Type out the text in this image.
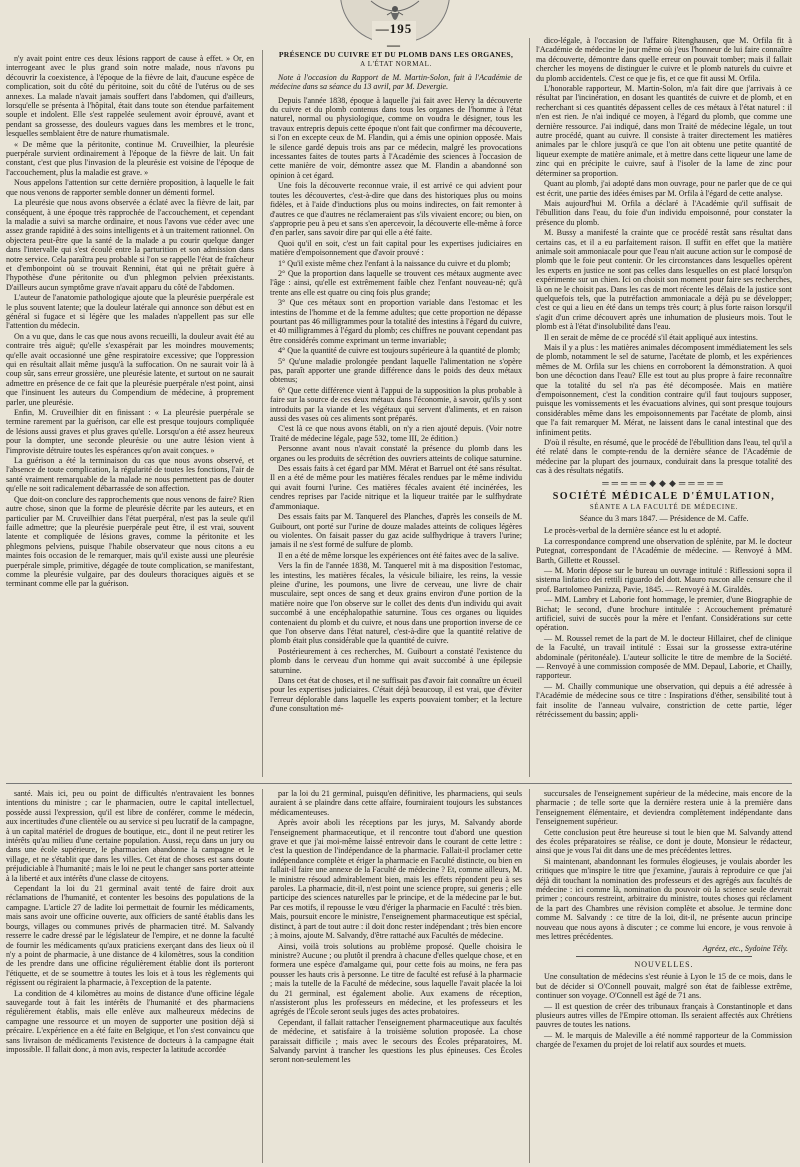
—195—

n'y avait point entre ces deux lésions rapport de cause à effet. » Or, en interrogeant avec le plus grand soin notre malade, nous n'avons pu découvrir la coexistence, à l'époque de la fièvre de lait, d'aucune espèce de complication, soit du côté du péritoine, soit du côté de l'utérus ou de ses annexes. La malade n'avait jamais souffert dans l'abdomen, qui d'ailleurs, lorsqu'elle se présenta à l'hôpital, était dans toute son étendue parfaitement souple et indolent. Elle s'est rappelée seulement avoir éprouvé, avant et pendant sa grossesse, des douleurs vagues dans les membres et le tronc, lesquelles semblaient être de nature rhumatismale.

« De même que la péritonite, continue M. Cruveilhier, la pleurésie puerpérale survient ordinairement à l'époque de la fièvre de lait. Un fait constant, c'est que plus l'invasion de la pleurésie est voisine de l'époque de l'accouchement, plus la maladie est grave. »

Nous appelons l'attention sur cette dernière proposition, à laquelle le fait que nous venons de rapporter semble donner un démenti formel.

La pleurésie que nous avons observée a éclaté avec la fièvre de lait, par conséquent, à une époque très rapprochée de l'accouchement, et cependant la maladie a suivi sa marche ordinaire, et nous l'avons vue céder avec une assez grande rapidité à des soins intelligents et à un traitement rationnel. On objectera peut-être que la santé de la malade a pu courir quelque danger dans l'intervalle qui s'est écoulé entre la parturition et son admission dans notre service. Cela paraîtra peu probable si l'on se rappelle l'état de fraîcheur et d'embonpoint où se trouvait Rennini, état qui ne prêtait guère à l'hypothèse d'une péritonite ou d'un phlegmon pelvien préexistants. D'ailleurs aucun symptôme grave n'avait apparu du côté de l'abdomen.

L'auteur de l'anatomie pathologique ajoute que la pleurésie puerpérale est le plus souvent latente; que la douleur latérale qui annonce son début est en général si fugace et si légère que les malades n'appellent pas sur elle l'attention du médecin.

On a vu que, dans le cas que nous avons recueilli, la douleur avait été au contraire très aiguë; qu'elle s'exaspérait par les moindres mouvements; qu'elle avait occasionné une gêne respiratoire excessive; que l'oppression qui en résultait allait même jusqu'à la suffocation. On ne saurait voir là à coup sûr, sans erreur grossière, une pleurésie latente, et surtout on ne saurait admettre en présence de ce fait que la pleurésie puerpérale n'est point, ainsi que l'insinuent les auteurs du Compendium de médecine, à proprement parler, une pleurésie.

Enfin, M. Cruveilhier dit en finissant : « La pleurésie puerpérale se termine rarement par la guérison, car elle est presque toujours compliquée de lésions aussi graves et plus graves qu'elle. Lorsqu'on a été assez heureux pour la dompter, une seconde pleurésie ou une autre lésion vient à l'improviste détruire toutes les espérances qu'on avait conçues. »

La guérison a été la terminaison du cas que nous avons observé, et l'absence de toute complication, la régularité de toutes les fonctions, l'air de santé vraiment remarquable de la malade ne nous permettent pas de douter qu'elle ne soit radicalement débarrassée de son affection.

Que doit-on conclure des rapprochements que nous venons de faire? Rien autre chose, sinon que la forme de pleurésie décrite par les auteurs, et en particulier par M. Cruveilhier dans l'état puerpéral, n'est pas la seule qu'il faille admettre; que la pleurésie puerpérale peut être, il est vrai, souvent latente et compliquée de lésions graves, comme la péritonite et les phlegmons pelviens, puisque l'habile observateur que nous citons a eu maintes fois occasion de le remarquer, mais qu'il existe aussi une pleurésie puerpérale simple, primitive, dégagée de toute complication, se manifestant, comme la pleurésie vulgaire, par des douleurs thoraciques aiguës et se terminant comme elle par la guérison.

PRÉSENCE DU CUIVRE ET DU PLOMB DANS LES ORGANES,

A L'ÉTAT NORMAL.

Note à l'occasion du Rapport de M. Martin-Solon, fait à l'Académie de médecine dans sa séance du 13 avril, par M. Devergie.

Depuis l'année 1838, époque à laquelle j'ai fait avec Hervy la découverte du cuivre et du plomb contenus dans tous les organes de l'homme à l'état naturel, normal ou physiologique, comme on voudra le désigner, tous les travaux entrepris depuis cette époque n'ont fait que confirmer ma découverte, si l'on en excepte ceux de M. Flandin, qui a émis une opinion opposée. Mais le silence gardé depuis trois ans par ce médecin, malgré les provocations incessantes faites de toutes parts à l'Académie des sciences à l'occasion de cette manière de voir, démontre assez que M. Flandin a abandonné son opinion à cet égard.

Une fois la découverte reconnue vraie, il est arrivé ce qui advient pour toutes les découvertes, c'est-à-dire que dans des historiques plus ou moins fidèles, et à l'aide d'inductions plus ou moins indirectes, on fait remonter à d'autres ce que d'autres ne réclameraient pas s'ils vivaient encore; ou bien, on s'approprie peu à peu et sans s'en apercevoir, la découverte elle-même à force d'en parler, sans savoir dire par qui elle a été faite.

Quoi qu'il en soit, c'est un fait capital pour les expertises judiciaires en matière d'empoisonnement que d'avoir prouvé :

1° Qu'il existe même chez l'enfant à la naissance du cuivre et du plomb;

2° Que la proportion dans laquelle se trouvent ces métaux augmente avec l'âge : ainsi, qu'elle est extrêmement faible chez l'enfant nouveau-né; qu'à trente ans elle est quatre ou cinq fois plus grande;

3° Que ces métaux sont en proportion variable dans l'estomac et les intestins de l'homme et de la femme adultes; que cette proportion ne dépasse pourtant pas 46 milligrammes pour la totalité des intestins à l'égard du cuivre, et 40 milligrammes à l'égard du plomb; ces chiffres ne pouvant cependant pas être considérés comme exprimant un terme invariable;

4° Que la quantité de cuivre est toujours supérieure à la quantité de plomb;

5° Qu'une maladie prolongée pendant laquelle l'alimentation ne s'opère pas, paraît apporter une grande différence dans le poids des deux métaux obtenus;

6° Que cette différence vient à l'appui de la supposition la plus probable à faire sur la source de ces deux métaux dans l'économie, à savoir, qu'ils y sont introduits par la viande et les végétaux qui servent d'aliments, et en raison aussi des vases où ces aliments sont préparés.

C'est là ce que nous avons établi, on n'y a rien ajouté depuis. (Voir notre Traité de médecine légale, page 532, tome III, 2e édition.)

Personne avant nous n'avait constaté la présence du plomb dans les organes ou les produits de sécrétion des ouvriers atteints de colique saturnine.

Des essais faits à cet égard par MM. Mérat et Barruel ont été sans résultat. Il en a été de même pour les matières fécales rendues par le même individu qui avait fourni l'urine. Ces matières fécales avaient été incinérées, les cendres reprises par l'acide nitrique et la liqueur traitée par le sulfhydrate d'ammoniaque.

Des essais faits par M. Tanquerel des Planches, d'après les conseils de M. Guibourt, ont porté sur l'urine de douze malades atteints de coliques légères ou violentes. On faisait passer du gaz acide sulfhydrique à travers l'urine; jamais il ne s'est formé de sulfure de plomb.

Il en a été de même lorsque les expériences ont été faites avec de la salive.

Vers la fin de l'année 1838, M. Tanquerel mit à ma disposition l'estomac, les intestins, les matières fécales, la vésicule biliaire, les reins, la vessie pleine d'urine, les poumons, une livre de cerveau, une livre de chair musculaire, sept onces de sang et deux grains environ d'une portion de la matière noire que l'on observe sur le collet des dents d'un individu qui avait succombé à une encéphalopathie saturnine. Tous ces organes ou liquides contenaient du plomb et du cuivre, et nous dans une proportion inverse de ce que l'on observe dans l'état naturel, c'est-à-dire que la quantité relative de plomb était plus considérable que la quantité de cuivre.

Postérieurement à ces recherches, M. Guibourt a constaté l'existence du plomb dans le cerveau d'un homme qui avait succombé à une épilepsie saturnine.

Dans cet état de choses, et il ne suffisait pas d'avoir fait connaître un écueil pour les expertises judiciaires. C'était déjà beaucoup, il est vrai, que d'éviter l'erreur déplorable dans laquelle les experts pouvaient tomber; et la lecture d'une consultation mé-

dico-légale, à l'occasion de l'affaire Ritenghausen, que M. Orfila fit à l'Académie de médecine le jour même où j'eus l'honneur de lui faire connaître ma découverte, démontre dans quelle erreur on pouvait tomber; mais il fallait chercher les moyens de distinguer le cuivre et le plomb naturels du cuivre et du plomb accidentels. C'est ce que je fis, et ce que fit aussi M. Orfila.

L'honorable rapporteur, M. Martin-Solon, m'a fait dire que j'arrivais à ce résultat par l'incinération, en dosant les quantités de cuivre et de plomb, et en recherchant si ces quantités dépassent celles de ces métaux à l'état naturel : il n'en est rien. Je n'ai indiqué ce moyen, à l'égard du plomb, que comme une dernière ressource. J'ai indiqué, dans mon Traité de médecine légale, un tout autre procédé, quant au cuivre. Il consiste à traiter directement les matières animales par le chlore jusqu'à ce que l'on ait obtenu une petite quantité de liqueur exempte de matière animale, et à mettre dans cette liqueur une lame de zinc qui en précipite le cuivre, sauf à l'isoler de la lame de zinc pour déterminer sa proportion.

Quant au plomb, j'ai adopté dans mon ouvrage, pour ne parler que de ce qui est écrit, une partie des idées émises par M. Orfila à l'égard de cette analyse.

Mais aujourd'hui M. Orfila a déclaré à l'Académie qu'il suffisait de l'ébullition dans l'eau, du foie d'un individu empoisonné, pour constater la présence du plomb.

M. Bussy a manifesté la crainte que ce procédé restât sans résultat dans certains cas, et il a eu parfaitement raison. Il suffit en effet que la matière animale soit ammoniacale pour que l'eau n'ait aucune action sur le composé de plomb que le foie peut contenir. Or les circonstances dans lesquelles opèrent les experts en justice ne sont pas celles dans lesquelles on est placé lorsqu'on expérimente sur un chien. Ici on choisit son moment pour faire ses recherches, là on ne le choisit pas. Dans les cas de mort récente les délais de la justice sont quelquefois tels, que la putréfaction ammoniacale a déjà pu se développer; c'est ce qui a lieu en été dans un temps très court; à plus forte raison lorsqu'il s'agit d'un crime découvert après une inhumation de plusieurs mois. Tout le plomb est à l'état d'insolubilité dans l'eau.

Il en serait de même de ce procédé s'il était appliqué aux intestins.

Mais il y a plus : les matières animales décomposent immédiatement les sels de plomb, notamment le sel de saturne, l'acétate de plomb, et les expériences mêmes de M. Orfila sur les chiens en corroborent la démonstration. A quoi bon une décoction dans l'eau? Elle est tout au plus propre à faire reconnaître que la totalité du sel n'a pas été décomposée. Mais en matière d'empoisonnement, c'est la condition contraire qu'il faut toujours supposer, puisque les vomissements et les évacuations alvines, qui sont presque toujours considérables même dans les empoisonnements par l'acétate de plomb, ainsi que l'a fait remarquer M. Mérat, ne laissent dans le canal intestinal que des infiniment petits.

D'où il résulte, en résumé, que le procédé de l'ébullition dans l'eau, tel qu'il a été relaté dans le compte-rendu de la dernière séance de l'Académie de médecine par la plupart des journaux, conduirait dans la presque totalité des cas à des résultats négatifs.

═════◆◆◆═════

SOCIÉTÉ MÉDICALE D'ÉMULATION,

SÉANTE A LA FACULTÉ DE MÉDECINE.

Séance du 3 mars 1847. — Présidence de M. Caffe.

Le procès-verbal de la dernière séance est lu et adopté.

La correspondance comprend une observation de splénite, par M. le docteur Putegnat, correspondant de l'Académie de médecine. — Renvoyé à MM. Barth, Gillette et Roussel.

— M. Morin dépose sur le bureau un ouvrage intitulé : Riflessioni sopra il sistema linfatico dei rettili riguardo del dott. Mauro ruscon alle censure che il prof. Bartolomeo Panizza, Pavie, 1845. — Renvoyé à M. Giraldès.

— MM. Lambry et Laborie font hommage, le premier, d'une Biographie de Bichat; le second, d'une brochure intitulée : Accouchement prématuré artificiel, suivi de succès pour la mère et l'enfant. Considérations sur cette opération.

— M. Roussel remet de la part de M. le docteur Hillairet, chef de clinique de la Faculté, un travail intitulé : Essai sur la grossesse extra-utérine abdominale (péritonéale). L'auteur sollicite le titre de membre de la Société. — Renvoyé à une commission composée de MM. Depaul, Laborie, et Chailly, rapporteur.

— M. Chailly communique une observation, qui depuis a été adressée à l'Académie de médecine sous ce titre : Inspirations d'éther, sensibilité tout à fait insolite de l'anneau vulvaire, constriction de cette partie, léger rétrécissement du bassin; appli-

santé. Mais ici, peu ou point de difficultés n'entravaient les bonnes intentions du ministre ; car le pharmacien, outre le capital intellectuel, possède aussi l'expression, qu'il est libre de conférer, comme le médecin, aux incertitudes d'une clientèle ou au service si peu lucratif de la campagne, à un capital matériel de drogues de boutique, etc., dont il ne peut retirer les intérêts qu'au milieu d'une certaine population. Aussi, reçu dans un jury ou dans une école supérieure, le pharmacien abandonne la campagne et le village, et ne s'établit que dans les villes. Cet état de choses est sans doute préjudiciable à l'humanité ; mais le loi ne peut le changer sans porter atteinte à la liberté et aux intérêts d'une classe de citoyens.

Cependant la loi du 21 germinal avait tenté de faire droit aux réclamations de l'humanité, et contenter les besoins des populations de la campagne. L'article 27 de ladite loi permettait de fournir les médicaments, mais sans avoir une officine ouverte, aux officiers de santé établis dans les bourgs, villages ou communes privés de pharmacien titré. M. Salvandy resserre le cadre dressé par le législateur de l'empire, et ne donne la faculté de fournir les médicaments qu'aux praticiens exerçant dans des lieux où il n'y a point de pharmacie, à une distance de 4 kilomètres, sous la condition de les prendre dans une officine régulièrement établie dont ils porteront l'étiquette, et de se soumettre à toutes les lois et à tous les règlements qui régissent ou régiraient la pharmacie, à l'exception de la patente.

La condition de 4 kilomètres au moins de distance d'une officine légale sauvegarde tout à fait les intérêts de l'humanité et des pharmaciens régulièrement établis, mais elle enlève aux malheureux médecins de campagne une ressource et un moyen de supporter une position déjà si précaire. L'expérience en a été faite en Belgique, et l'on s'est convaincu que sans livraison de médicaments l'existence de docteurs à la campagne était impossible. Il fallait donc, à mon avis, respecter la latitude accordée

par la loi du 21 germinal, puisqu'en définitive, les pharmaciens, qui seuls auraient à se plaindre dans cette affaire, fourniraient toujours les substances médicamenteuses.

Après avoir aboli les réceptions par les jurys, M. Salvandy aborde l'enseignement pharmaceutique, et il rencontre tout d'abord une question grave et que j'ai moi-même laissé entrevoir dans le courant de cette lettre : c'est la question de l'indépendance de la pharmacie. Fallait-il proclamer cette indépendance complète et ériger la pharmacie en Faculté distincte, ou bien en fallait-il faire une annexe de la Faculté de médecine ? Et, comme ailleurs, M. le ministre résoud admirablement bien, mais les effets répondent peu à ses paroles. La pharmacie, dit-il, n'est point une science propre, sui generis ; elle participe des sciences naturelles par le principe, et de la médecine par le but. Par ces motifs, il repousse le vœu d'ériger la pharmacie en Faculté : très bien. Mais, poursuit encore le ministre, l'enseignement pharmaceutique est spécial, distinct, à part de tout autre : il doit donc rester indépendant ; très bien encore ; à moins, ajoute M. Salvandy, d'être rattaché aux Facultés de médecine.

Ainsi, voilà trois solutions au problème proposé. Quelle choisira le ministre? Aucune ; ou plutôt il prendra à chacune d'elles quelque chose, et en formera une espèce d'amalgame qui, pour cette fois au moins, ne fera pas pousser les hauts cris à personne. Le titre de faculté est refusé à la pharmacie ; mais la tutelle de la Faculté de médecine, sous laquelle l'avait placée la loi du 21 germinal, est également abolie. Aux examens de réception, n'assisteront plus les professeurs en médecine, et les professeurs et les agrégés de l'École seront seuls juges des actes probatoires.

Cependant, il fallait rattacher l'enseignement pharmaceutique aux facultés de médecine, et satisfaire à la troisième solution proposée. La chose paraissait difficile ; mais avec le secours des Écoles préparatoires, M. Salvandy parvint à trancher les questions les plus épineuses. Ces Écoles seront non-seulement les

succursales de l'enseignement supérieur de la médecine, mais encore de la pharmacie ; de telle sorte que la dernière restera unie à la première dans l'enseignement élémentaire, et deviendra complètement indépendante dans l'enseignement supérieur.

Cette conclusion peut être heureuse si tout le bien que M. Salvandy attend des écoles préparatoires se réalise, ce dont je doute, Monsieur le rédacteur, ainsi que je vous l'ai dit dans une de mes précédentes lettres.

Si maintenant, abandonnant les formules élogieuses, je voulais aborder les critiques que m'inspire le titre que j'examine, j'aurais à reproduire ce que j'ai déjà dit touchant la nomination des professeurs et des agrégés aux facultés de médecine : ici comme là, nomination du pouvoir où la science seule devrait primer ; concours restreint, arbitraire du ministre, toutes choses qui réclament de la part des Chambres une révision complète et absolue. Je termine donc comme M. Salvandy : ce titre de la loi, dit-il, ne présente aucun principe nouveau que nous ayons à discuter ; ce comme lui encore, je vous renvoie à mes lettres précédentes.

Agréez, etc., Sydoine Tély.

NOUVELLES.

Une consultation de médecins s'est réunie à Lyon le 15 de ce mois, dans le but de décider si O'Connell pouvait, malgré son état de faiblesse extrême, continuer son voyage. O'Connell est âgé de 71 ans.

— Il est question de créer des tribunaux français à Constantinople et dans plusieurs autres villes de l'Empire ottoman. Ils seraient affectés aux Chrétiens pauvres de toutes les nations.

— M. le marquis de Maleville a été nommé rapporteur de la Commission chargée de l'examen du projet de loi relatif aux sourdes et muets.
